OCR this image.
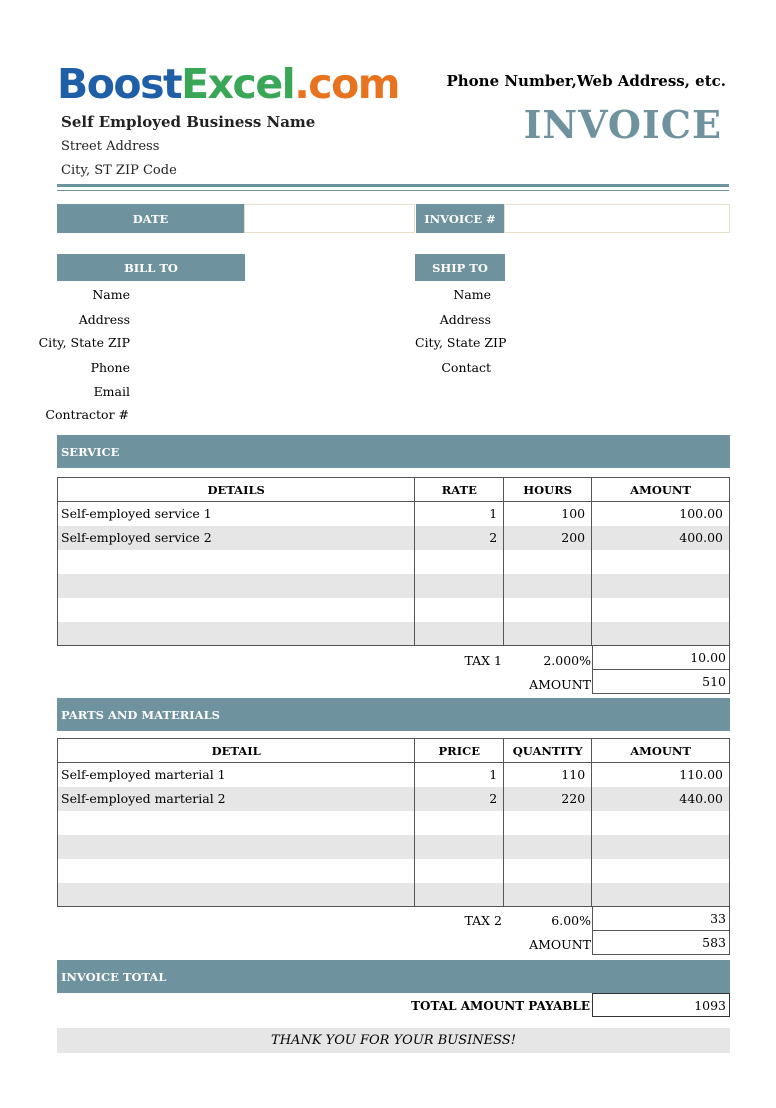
BoostExcel.com	Phone Number,Web Address, etc.
INVOICE
Self Employed Business Name
Street Address
City, ST ZIP Code
DATE	INVOICE #
BILL TO
Name
Address
City, State ZIP
Phone
Email
Contractor #
SHIP TO
Name
Address
City, State ZIP
Contact
SERVICE
DETAILS	RATE	HOURS	AMOUNT
Self-employed service 1	1	100	100.00
Self-employed service 2	2	200	400.00

TAX 1	2.000%	10.00
AMOUNT	510
PARTS AND MATERIALS
DETAIL	PRICE	QUANTITY	AMOUNT
Self-employed marterial 1	1	110	110.00
Self-employed marterial 2	2	220	440.00

TAX 2	6.00%	33
AMOUNT	583
INVOICE TOTAL
TOTAL AMOUNT PAYABLE	1093
THANK YOU FOR YOUR BUSINESS!
